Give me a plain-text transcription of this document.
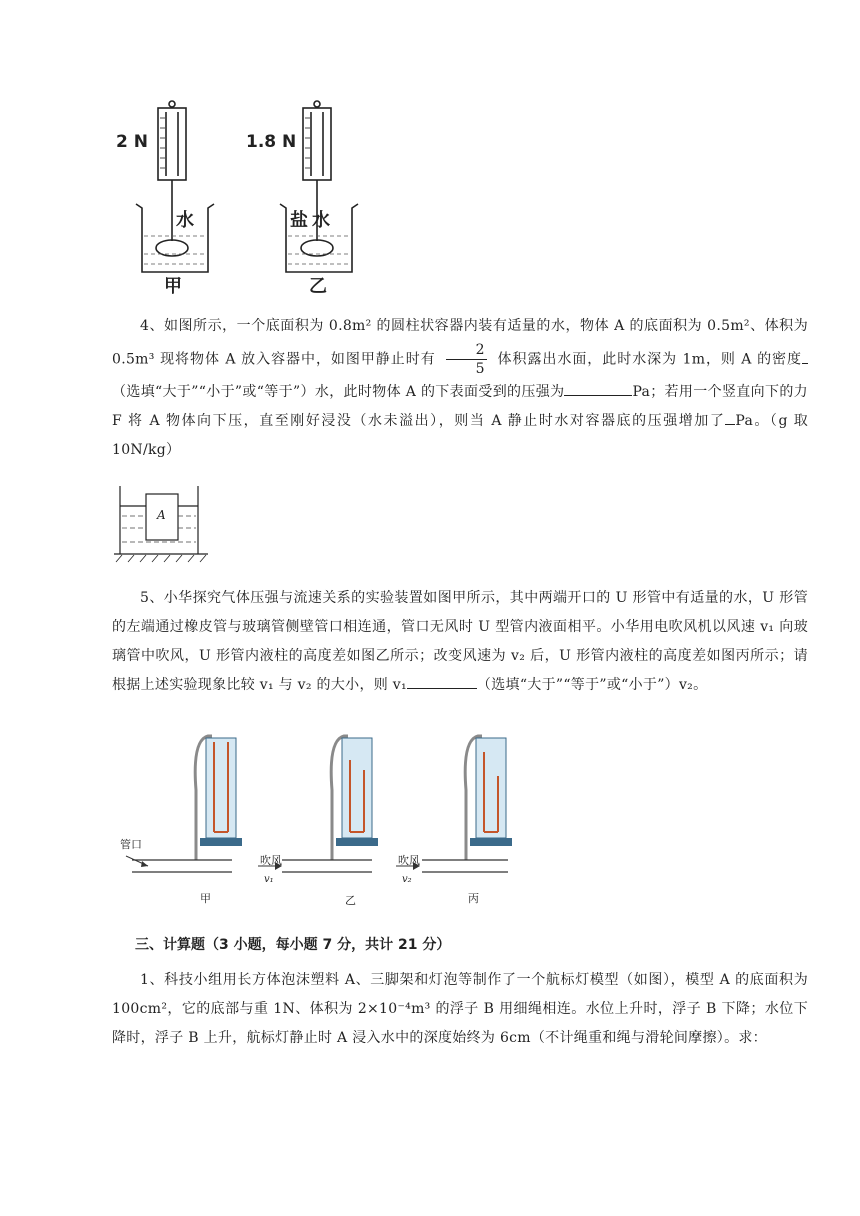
2 N	1.8 N
水	盐水
甲	乙
4、如图所示，一个底面积为 0.8m² 的圆柱状容器内装有适量的水，物体 A 的底面积为 0.5m²、体积为 0.5m³ 现将物体 A 放入容器中，如图甲静止时有 $\frac{2}{5}$ 体积露出水面，此时水深为 1m，则 A 的密度（选填“大于”“小于”或“等于”）水，此时物体 A 的下表面受到的压强为	Pa；若用一个竖直向下的力 F 将 A 物体向下压，直至刚好浸没（水未溢出），则当 A 静止时水对容器底的压强增加了 Pa。（g 取 10N/kg）
A
5、小华探究气体压强与流速关系的实验装置如图甲所示，其中两端开口的 U 形管中有适量的水，U 形管的左端通过橡皮管与玻璃管侧壁管口相连通，管口无风时 U 型管内液面相平。小华用电吹风机以风速 v₁ 向玻璃管中吹风，U 形管内液柱的高度差如图乙所示；改变风速为 v₂ 后，U 形管内液柱的高度差如图丙所示；请根据上述实验现象比较 v₁ 与 v₂ 的大小，则 v₁	（选填“大于”“等于”或“小于”）v₂。
管口
吹风
v₁
吹风
v₂
甲	乙	丙
三、计算题（3 小题，每小题 7 分，共计 21 分）
1、科技小组用长方体泡沫塑料 A、三脚架和灯泡等制作了一个航标灯模型（如图），模型 A 的底面积为 100cm²，它的底部与重 1N、体积为 2×10⁻⁴m³ 的浮子 B 用细绳相连。水位上升时，浮子 B 下降；水位下降时，浮子 B 上升，航标灯静止时 A 浸入水中的深度始终为 6cm（不计绳重和绳与滑轮间摩擦）。求：
